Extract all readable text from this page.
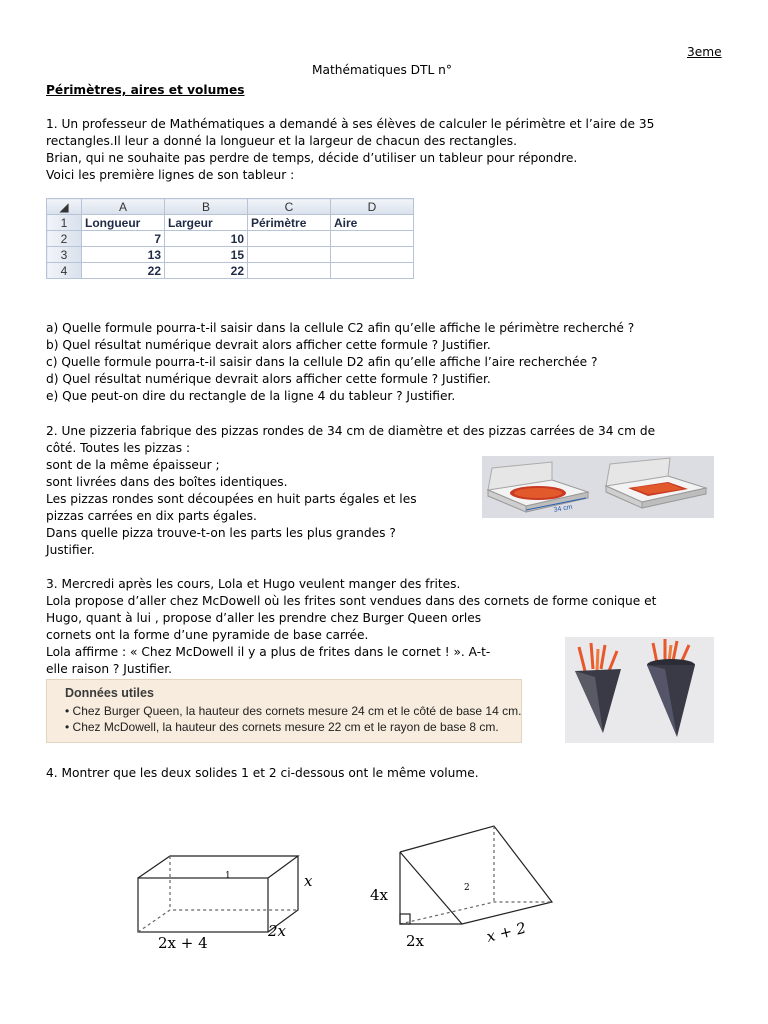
3eme
Mathématiques DTL n°
Périmètres, aires et volumes
1. Un professeur de Mathématiques a demandé à ses élèves de calculer le périmètre et l’aire de 35
rectangles.Il leur a donné la longueur et la largeur de chacun des rectangles.
Brian, qui ne souhaite pas perdre de temps, décide d’utiliser un tableur pour répondre.
Voici les première lignes de son tableur :
◢	A	B	C	D
1	Longueur	Largeur	Périmètre	Aire
2	7	10		
3	13	15		
4	22	22		
a) Quelle formule pourra-t-il saisir dans la cellule C2 afin qu’elle affiche le périmètre recherché ?
b) Quel résultat numérique devrait alors afficher cette formule ? Justifier.
c) Quelle formule pourra-t-il saisir dans la cellule D2 afin qu’elle affiche l’aire recherchée ?
d) Quel résultat numérique devrait alors afficher cette formule ? Justifier.
e) Que peut-on dire du rectangle de la ligne 4 du tableur ? Justifier.
2. Une pizzeria fabrique des pizzas rondes de 34 cm de diamètre et des pizzas carrées de 34 cm de
côté. Toutes les pizzas :
sont de la même épaisseur ;
sont livrées dans des boîtes identiques.
Les pizzas rondes sont découpées en huit parts égales et les
pizzas carrées en dix parts égales.
Dans quelle pizza trouve-t-on les parts les plus grandes ?
Justifier.
34 cm
3. Mercredi après les cours, Lola et Hugo veulent manger des frites.
Lola propose d’aller chez McDowell où les frites sont vendues dans des cornets de forme conique et
Hugo, quant à lui , propose d’aller les prendre chez Burger Queen orles
cornets ont la forme d’une pyramide de base carrée.
Lola affirme : « Chez McDowell il y a plus de frites dans le cornet ! ». A-t-
elle raison ? Justifier.
Données utiles
• Chez Burger Queen, la hauteur des cornets mesure 24 cm et le côté de base 14 cm.
• Chez McDowell, la hauteur des cornets mesure 22 cm et le rayon de base 8 cm.
4. Montrer que les deux solides 1 et 2 ci-dessous ont le même volume.
1	x
2x + 4
2x
2
4x
2x	x + 2
